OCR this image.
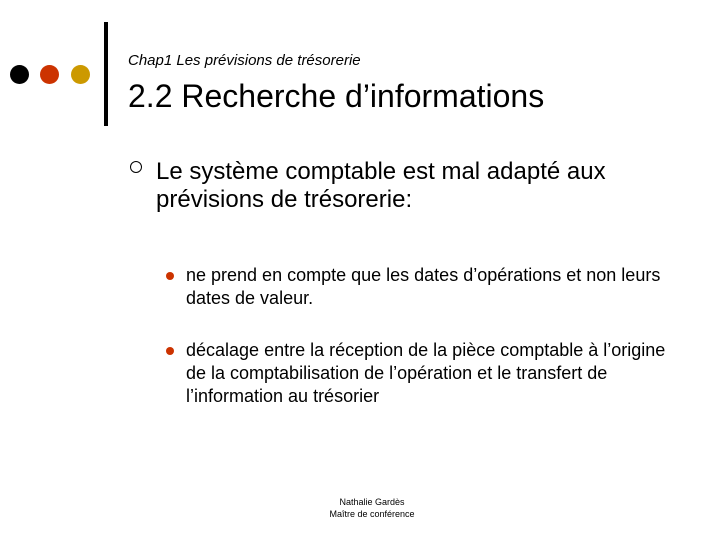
Chap1 Les prévisions de trésorerie
2.2 Recherche d’informations
Le système comptable est mal adapté aux prévisions de trésorerie:
ne prend en compte que les dates d’opérations et non leurs dates de valeur.
décalage entre la réception de la pièce comptable à l’origine de la comptabilisation de l’opération et le transfert de l’information au trésorier
Nathalie Gardès
Maître de conférence
